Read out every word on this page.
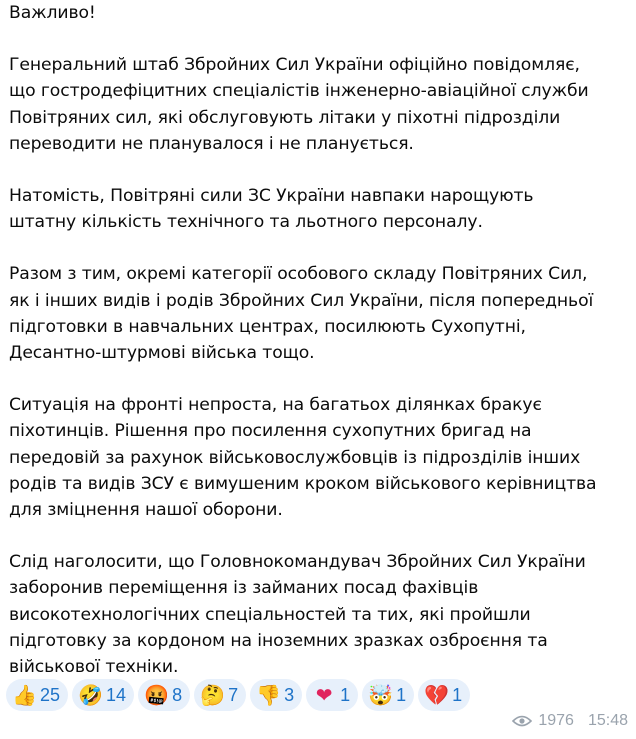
Важливо!

Генеральний штаб Збройних Сил України офіційно повідомляє,
що гостродефіцитних спеціалістів інженерно-авіаційної служби
Повітряних сил, які обслуговують літаки у піхотні підрозділи
переводити не планувалося і не планується.

Натомість, Повітряні сили ЗС України навпаки нарощують
штатну кількість технічного та льотного персоналу.

Разом з тим, окремі категорії особового складу Повітряних Сил,
як і інших видів і родів Збройних Сил України, після попередньої
підготовки в навчальних центрах, посилюють Сухопутні,
Десантно-штурмові війська тощо.

Ситуація на фронті непроста, на багатьох ділянках бракує
піхотинців. Рішення про посилення сухопутних бригад на
передовій за рахунок військовослужбовців із підрозділів інших
родів та видів ЗСУ є вимушеним кроком військового керівництва
для зміцнення нашої оборони.

Слід наголосити, що Головнокомандувач Збройних Сил України
заборонив переміщення із займаних посад фахівців
високотехнологічних спеціальностей та тих, які пройшли
підготовку за кордоном на іноземних зразках озброєння та
військової техніки.

👍 25 🤣 14 🤬 8 🤔 7 👎 3 ❤ 1 🤯 1 💔 1
1976 15:48
